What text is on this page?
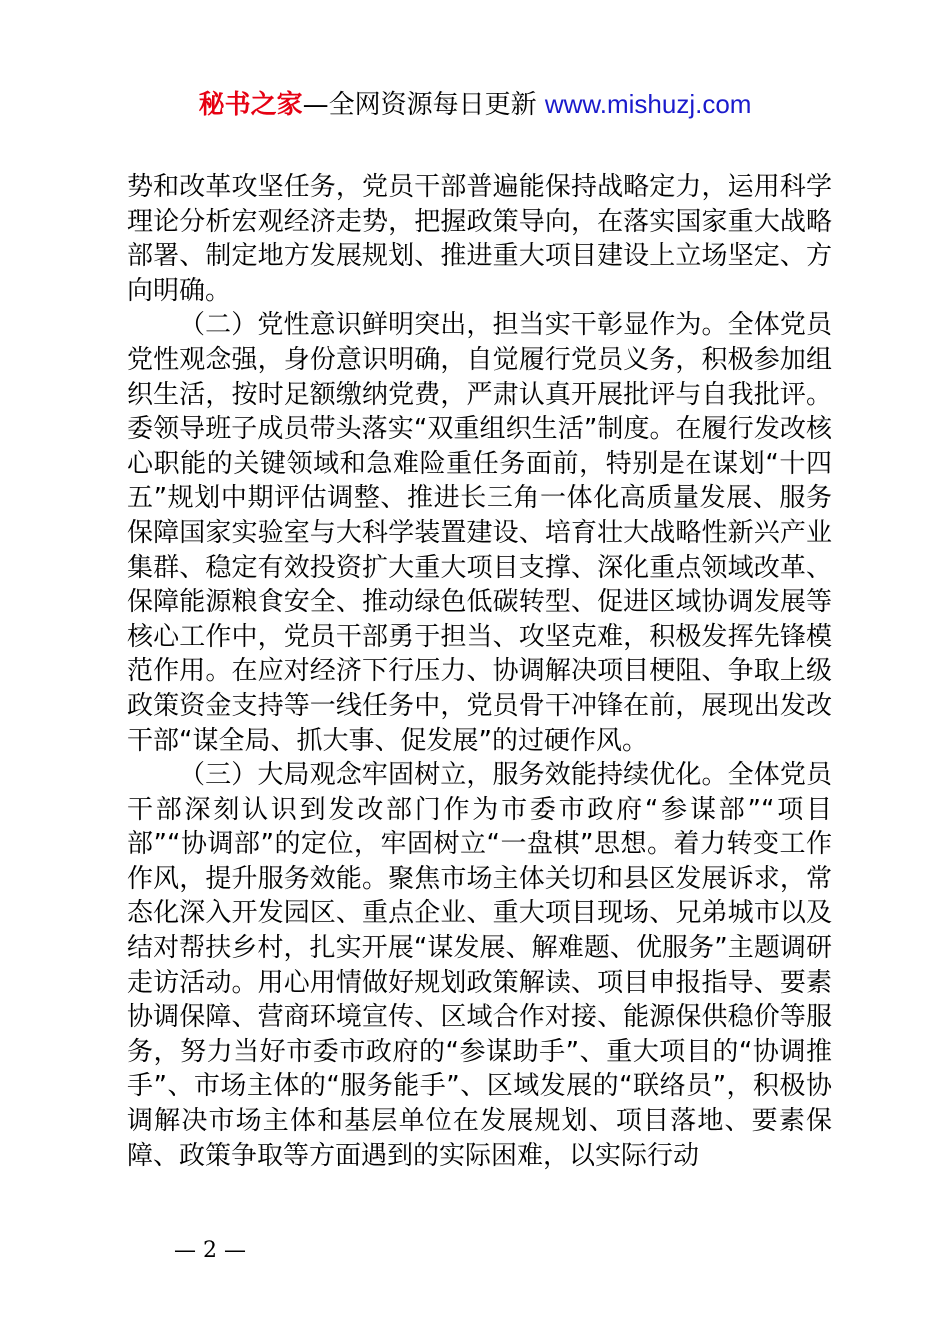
秘书之家—全网资源每日更新 www.mishuzj.com

势和改革攻坚任务，党员干部普遍能保持战略定力，运用科学理论分析宏观经济走势，把握政策导向，在落实国家重大战略部署、制定地方发展规划、推进重大项目建设上立场坚定、方向明确。

（二）党性意识鲜明突出，担当实干彰显作为。全体党员党性观念强，身份意识明确，自觉履行党员义务，积极参加组织生活，按时足额缴纳党费，严肃认真开展批评与自我批评。委领导班子成员带头落实“双重组织生活”制度。在履行发改核心职能的关键领域和急难险重任务面前，特别是在谋划“十四五”规划中期评估调整、推进长三角一体化高质量发展、服务保障国家实验室与大科学装置建设、培育壮大战略性新兴产业集群、稳定有效投资扩大重大项目支撑、深化重点领域改革、保障能源粮食安全、推动绿色低碳转型、促进区域协调发展等核心工作中，党员干部勇于担当、攻坚克难，积极发挥先锋模范作用。在应对经济下行压力、协调解决项目梗阻、争取上级政策资金支持等一线任务中，党员骨干冲锋在前，展现出发改干部“谋全局、抓大事、促发展”的过硬作风。

（三）大局观念牢固树立，服务效能持续优化。全体党员干部深刻认识到发改部门作为市委市政府“参谋部”“项目部”“协调部”的定位，牢固树立“一盘棋”思想。着力转变工作作风，提升服务效能。聚焦市场主体关切和县区发展诉求，常态化深入开发园区、重点企业、重大项目现场、兄弟城市以及结对帮扶乡村，扎实开展“谋发展、解难题、优服务”主题调研走访活动。用心用情做好规划政策解读、项目申报指导、要素协调保障、营商环境宣传、区域合作对接、能源保供稳价等服务，努力当好市委市政府的“参谋助手”、重大项目的“协调推手”、市场主体的“服务能手”、区域发展的“联络员”，积极协调解决市场主体和基层单位在发展规划、项目落地、要素保障、政策争取等方面遇到的实际困难，以实际行动

— 2 —
